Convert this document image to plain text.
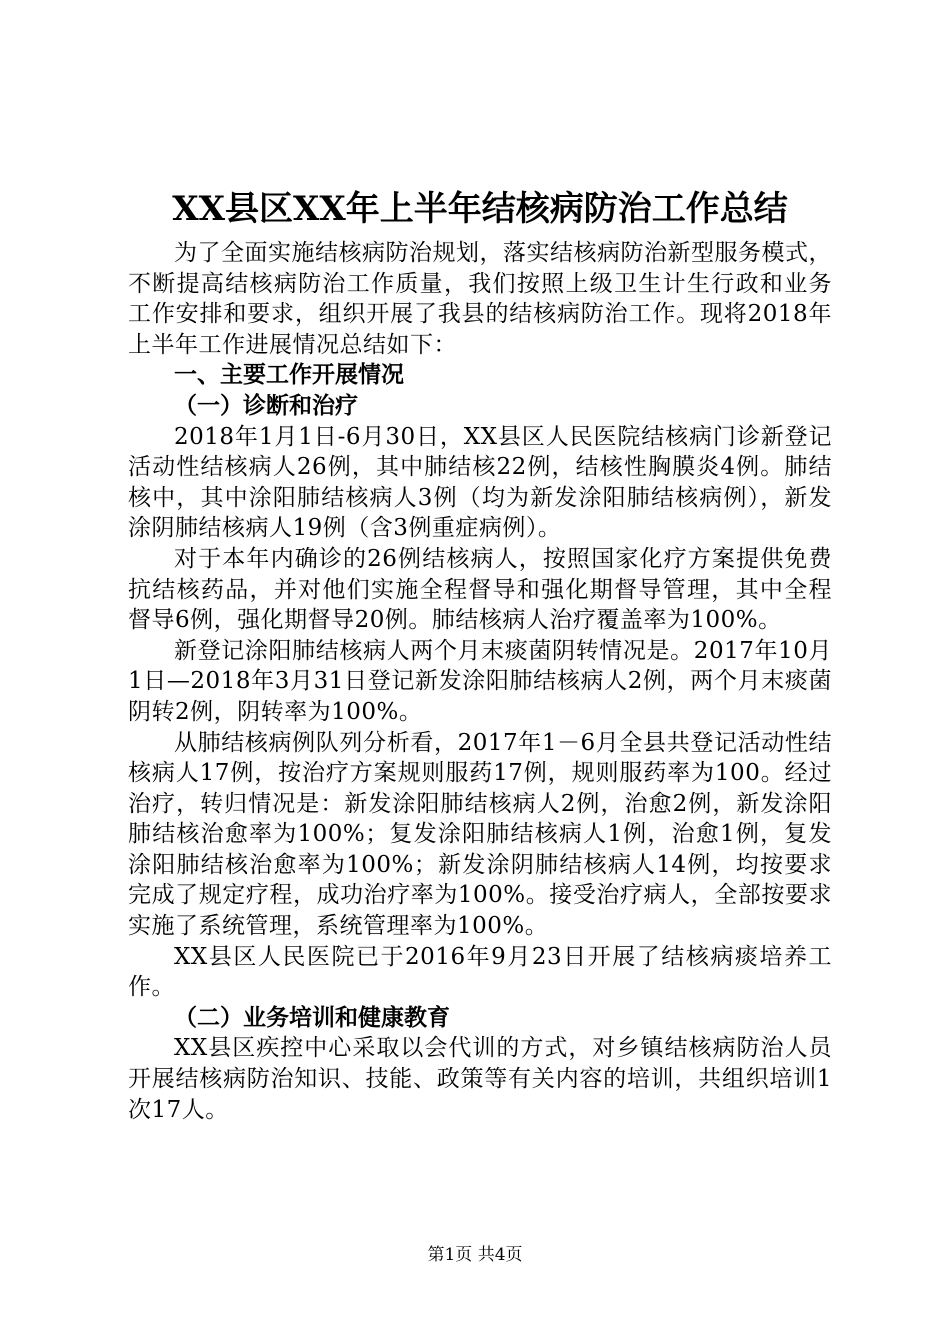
XX县区XX年上半年结核病防治工作总结

为了全面实施结核病防治规划，落实结核病防治新型服务模式，不断提高结核病防治工作质量，我们按照上级卫生计生行政和业务工作安排和要求，组织开展了我县的结核病防治工作。现将2018年上半年工作进展情况总结如下：

一、主要工作开展情况

（一）诊断和治疗

2018年1月1日-6月30日，XX县区人民医院结核病门诊新登记活动性结核病人26例，其中肺结核22例，结核性胸膜炎4例。肺结核中，其中涂阳肺结核病人3例（均为新发涂阳肺结核病例），新发涂阴肺结核病人19例（含3例重症病例）。

对于本年内确诊的26例结核病人，按照国家化疗方案提供免费抗结核药品，并对他们实施全程督导和强化期督导管理，其中全程督导6例，强化期督导20例。肺结核病人治疗覆盖率为100%。

新登记涂阳肺结核病人两个月末痰菌阴转情况是。2017年10月1日—2018年3月31日登记新发涂阳肺结核病人2例，两个月末痰菌阴转2例，阴转率为100%。

从肺结核病例队列分析看，2017年1－6月全县共登记活动性结核病人17例，按治疗方案规则服药17例，规则服药率为100。经过治疗，转归情况是：新发涂阳肺结核病人2例，治愈2例，新发涂阳肺结核治愈率为100%；复发涂阳肺结核病人1例，治愈1例，复发涂阳肺结核治愈率为100%；新发涂阴肺结核病人14例，均按要求完成了规定疗程，成功治疗率为100%。接受治疗病人，全部按要求实施了系统管理，系统管理率为100%。

XX县区人民医院已于2016年9月23日开展了结核病痰培养工作。

（二）业务培训和健康教育

XX县区疾控中心采取以会代训的方式，对乡镇结核病防治人员开展结核病防治知识、技能、政策等有关内容的培训，共组织培训1次17人。

第1页 共4页
